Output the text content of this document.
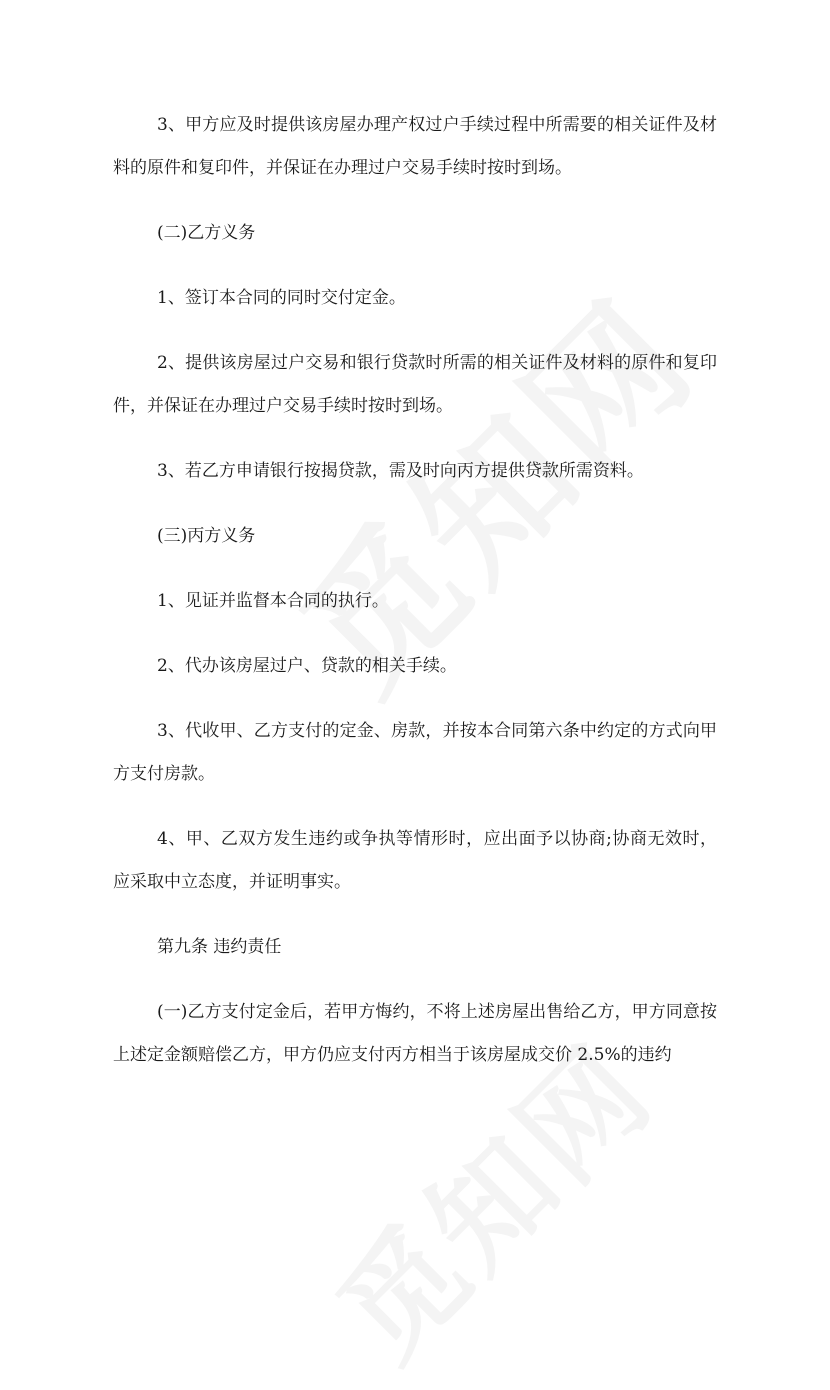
3、甲方应及时提供该房屋办理产权过户手续过程中所需要的相关证件及材料的原件和复印件，并保证在办理过户交易手续时按时到场。

(二)乙方义务

1、签订本合同的同时交付定金。

2、提供该房屋过户交易和银行贷款时所需的相关证件及材料的原件和复印件，并保证在办理过户交易手续时按时到场。

3、若乙方申请银行按揭贷款，需及时向丙方提供贷款所需资料。

(三)丙方义务

1、见证并监督本合同的执行。

2、代办该房屋过户、贷款的相关手续。

3、代收甲、乙方支付的定金、房款，并按本合同第六条中约定的方式向甲方支付房款。

4、甲、乙双方发生违约或争执等情形时，应出面予以协商;协商无效时，应采取中立态度，并证明事实。

第九条 违约责任

(一)乙方支付定金后，若甲方悔约，不将上述房屋出售给乙方，甲方同意按上述定金额赔偿乙方，甲方仍应支付丙方相当于该房屋成交价 2.5%的违约
